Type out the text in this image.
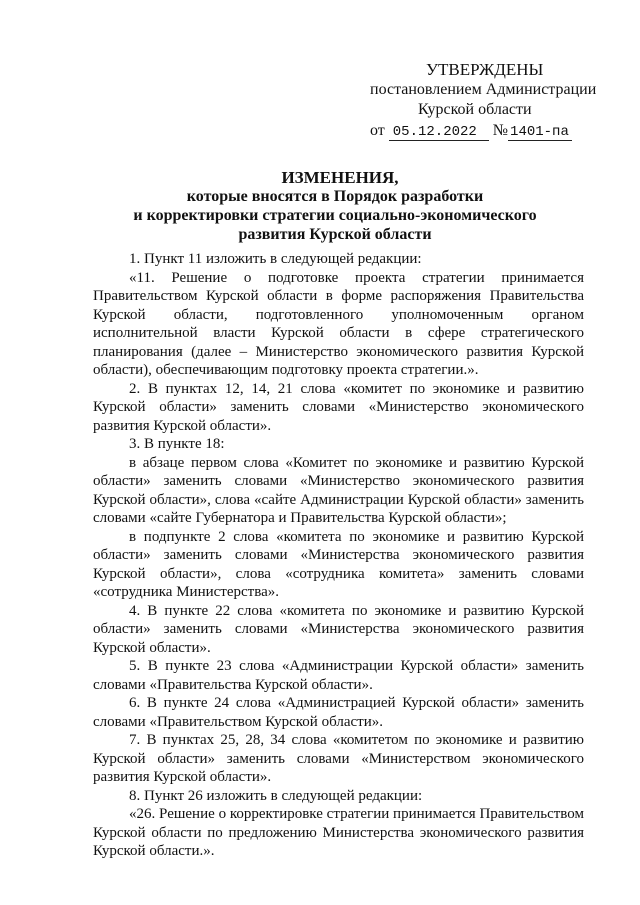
УТВЕРЖДЕНЫ
постановлением Администрации
Курской области
от 05.12.2022 № 1401-па
ИЗМЕНЕНИЯ,
которые вносятся в Порядок разработки
и корректировки стратегии социально-экономического
развития Курской области

1. Пункт 11 изложить в следующей редакции:

«11. Решение о подготовке проекта стратегии принимается Правительством Курской области в форме распоряжения Правительства Курской области, подготовленного уполномоченным органом исполнительной власти Курской области в сфере стратегического планирования (далее – Министерство экономического развития Курской области), обеспечивающим подготовку проекта стратегии.».

2. В пунктах 12, 14, 21 слова «комитет по экономике и развитию Курской области» заменить словами «Министерство экономического развития Курской области».

3. В пункте 18:

в абзаце первом слова «Комитет по экономике и развитию Курской области» заменить словами «Министерство экономического развития Курской области», слова «сайте Администрации Курской области» заменить словами «сайте Губернатора и Правительства Курской области»;

в подпункте 2 слова «комитета по экономике и развитию Курской области» заменить словами «Министерства экономического развития Курской области», слова «сотрудника комитета» заменить словами «сотрудника Министерства».

4. В пункте 22 слова «комитета по экономике и развитию Курской области» заменить словами «Министерства экономического развития Курской области».

5. В пункте 23 слова «Администрации Курской области» заменить словами «Правительства Курской области».

6. В пункте 24 слова «Администрацией Курской области» заменить словами «Правительством Курской области».

7. В пунктах 25, 28, 34 слова «комитетом по экономике и развитию Курской области» заменить словами «Министерством экономического развития Курской области».

8. Пункт 26 изложить в следующей редакции:

«26. Решение о корректировке стратегии принимается Правительством Курской области по предложению Министерства экономического развития Курской области.».
